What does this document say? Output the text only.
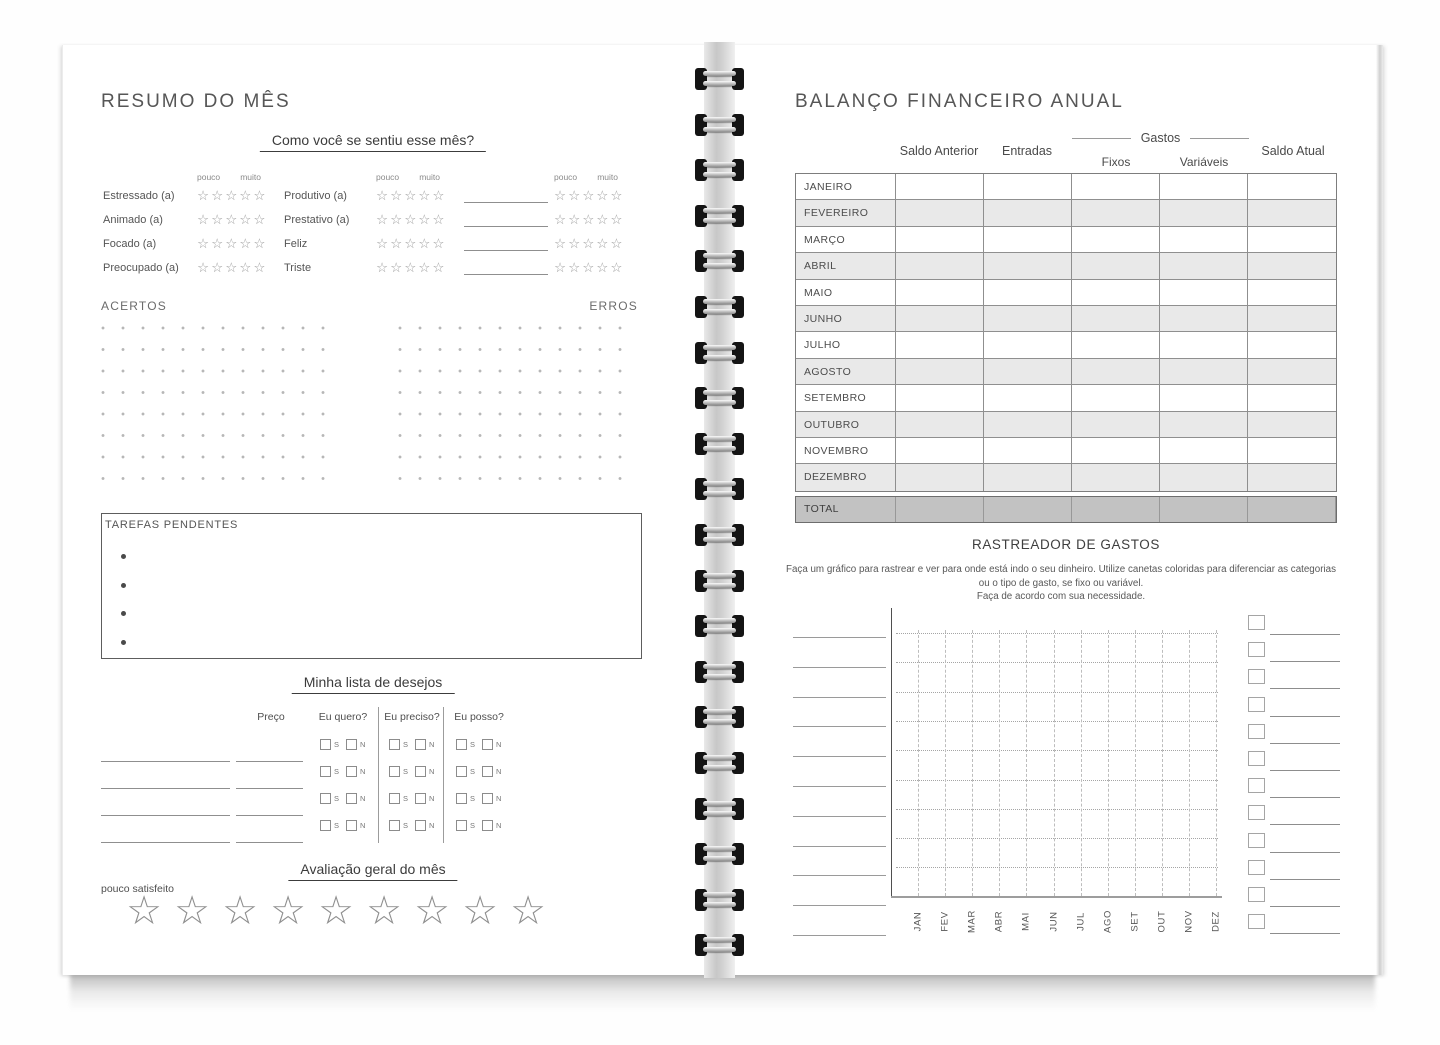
RESUMO DO MÊS
Como você se sentiu esse mês?
pouco	muito	pouco	muito	pouco	muito
Estressado (a) ☆☆☆☆☆ Produtivo (a) ☆☆☆☆☆	☆☆☆☆☆
Animado (a)	☆☆☆☆☆ Prestativo (a) ☆☆☆☆☆	☆☆☆☆☆
Focado (a)	☆☆☆☆☆ Feliz	☆☆☆☆☆	☆☆☆☆☆
Preocupado (a) ☆☆☆☆☆ Triste	☆☆☆☆☆	☆☆☆☆☆
ACERTOS	ERROS
TAREFAS PENDENTES
Minha lista de desejos
Preço	Eu quero?	Eu preciso?	Eu posso?
S	N	S	N	S	N
S	N	S	N	S	N
S	N	S	N	S	N
S	N	S	N	S	N
Avaliação geral do mês
pouco satisfeito
☆ ☆ ☆ ☆ ☆ ☆ ☆ ☆ ☆
BALANÇO FINANCEIRO ANUAL
Saldo Anterior Entradas
Gastos
Fixos	Variáveis
Saldo Atual
JANEIRO
FEVEREIRO
MARÇO
ABRIL
MAIO
JUNHO
JULHO
AGOSTO
SETEMBRO
OUTUBRO
NOVEMBRO
DEZEMBRO
TOTAL
RASTREADOR DE GASTOS
Faça um gráfico para rastrear e ver para onde está indo o seu dinheiro. Utilize canetas coloridas para diferenciar as categorias
ou o tipo de gasto, se fixo ou variável.
Faça de acordo com sua necessidade.
JAN FEV MAR ABR MAI JUN JUL AGO SET OUT NOV DEZ
